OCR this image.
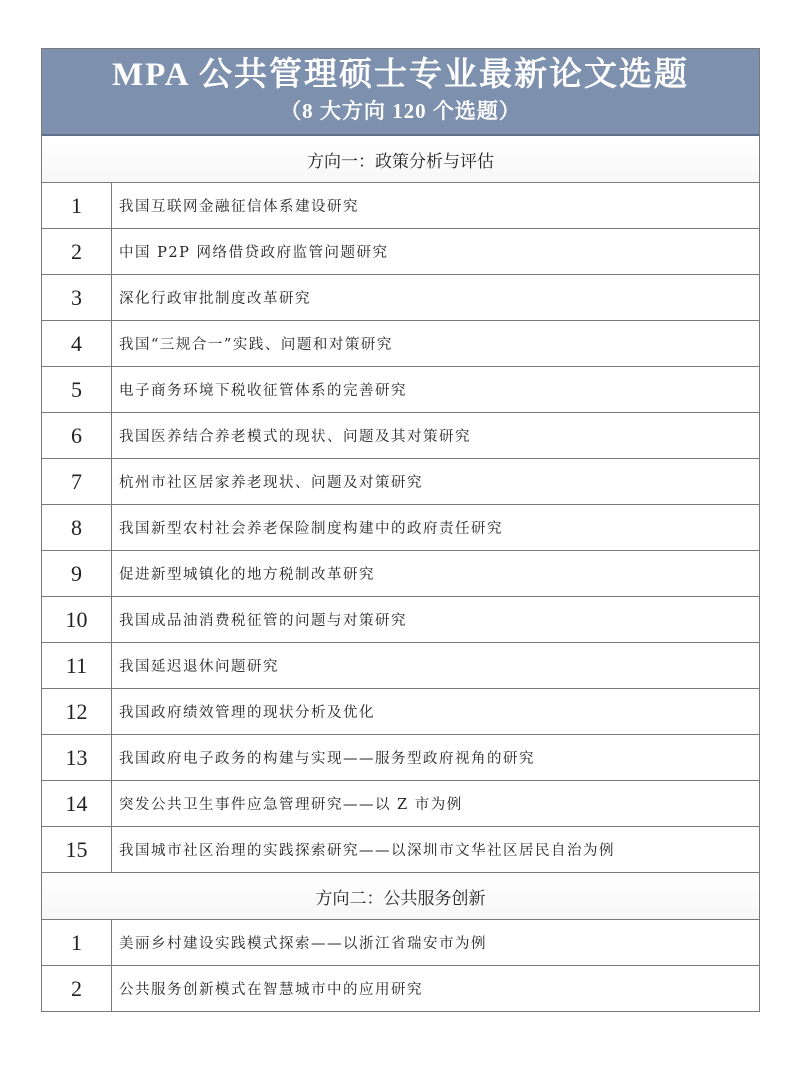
MPA 公共管理硕士专业最新论文选题
（8 大方向 120 个选题）
方向一：政策分析与评估
1	我国互联网金融征信体系建设研究
2	中国 P2P 网络借贷政府监管问题研究
3	深化行政审批制度改革研究
4	我国“三规合一”实践、问题和对策研究
5	电子商务环境下税收征管体系的完善研究
6	我国医养结合养老模式的现状、问题及其对策研究
7	杭州市社区居家养老现状、问题及对策研究
8	我国新型农村社会养老保险制度构建中的政府责任研究
9	促进新型城镇化的地方税制改革研究
10	我国成品油消费税征管的问题与对策研究
11	我国延迟退休问题研究
12	我国政府绩效管理的现状分析及优化
13	我国政府电子政务的构建与实现——服务型政府视角的研究
14	突发公共卫生事件应急管理研究——以 Z 市为例
15	我国城市社区治理的实践探索研究——以深圳市文华社区居民自治为例
方向二：公共服务创新
1	美丽乡村建设实践模式探索——以浙江省瑞安市为例
2	公共服务创新模式在智慧城市中的应用研究
